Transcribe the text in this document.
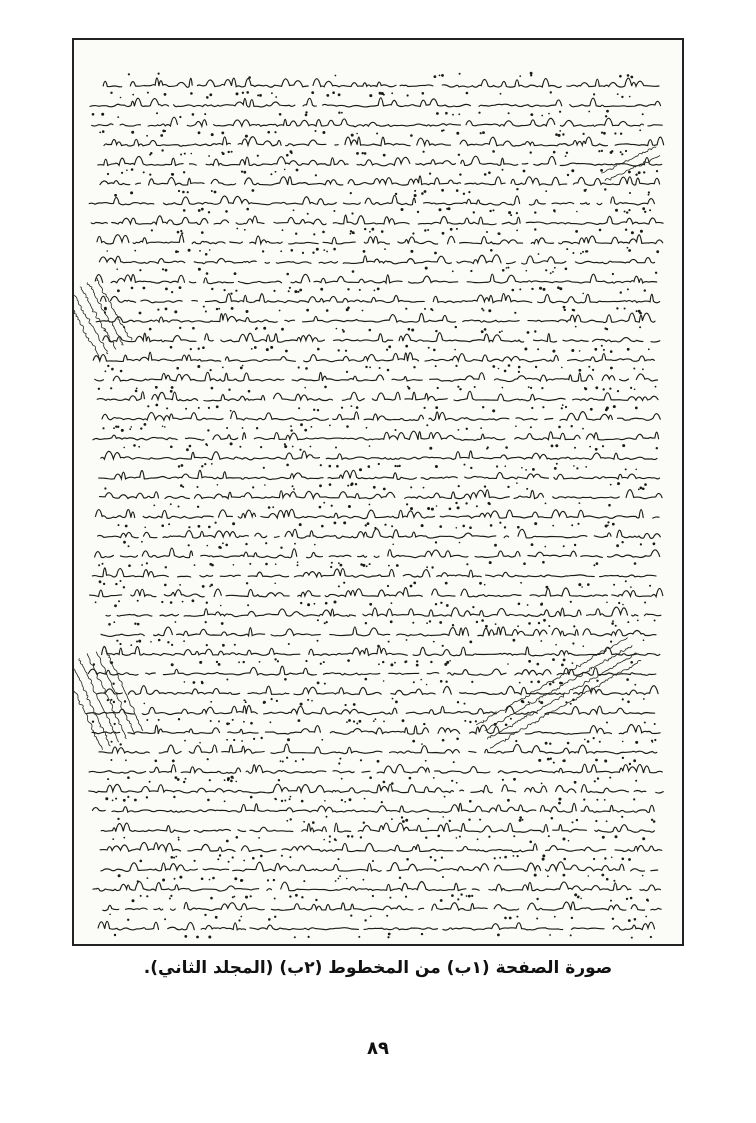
صورة الصفحة (١ب) من المخطوط (٢ب) (المجلد الثاني).
٨٩
